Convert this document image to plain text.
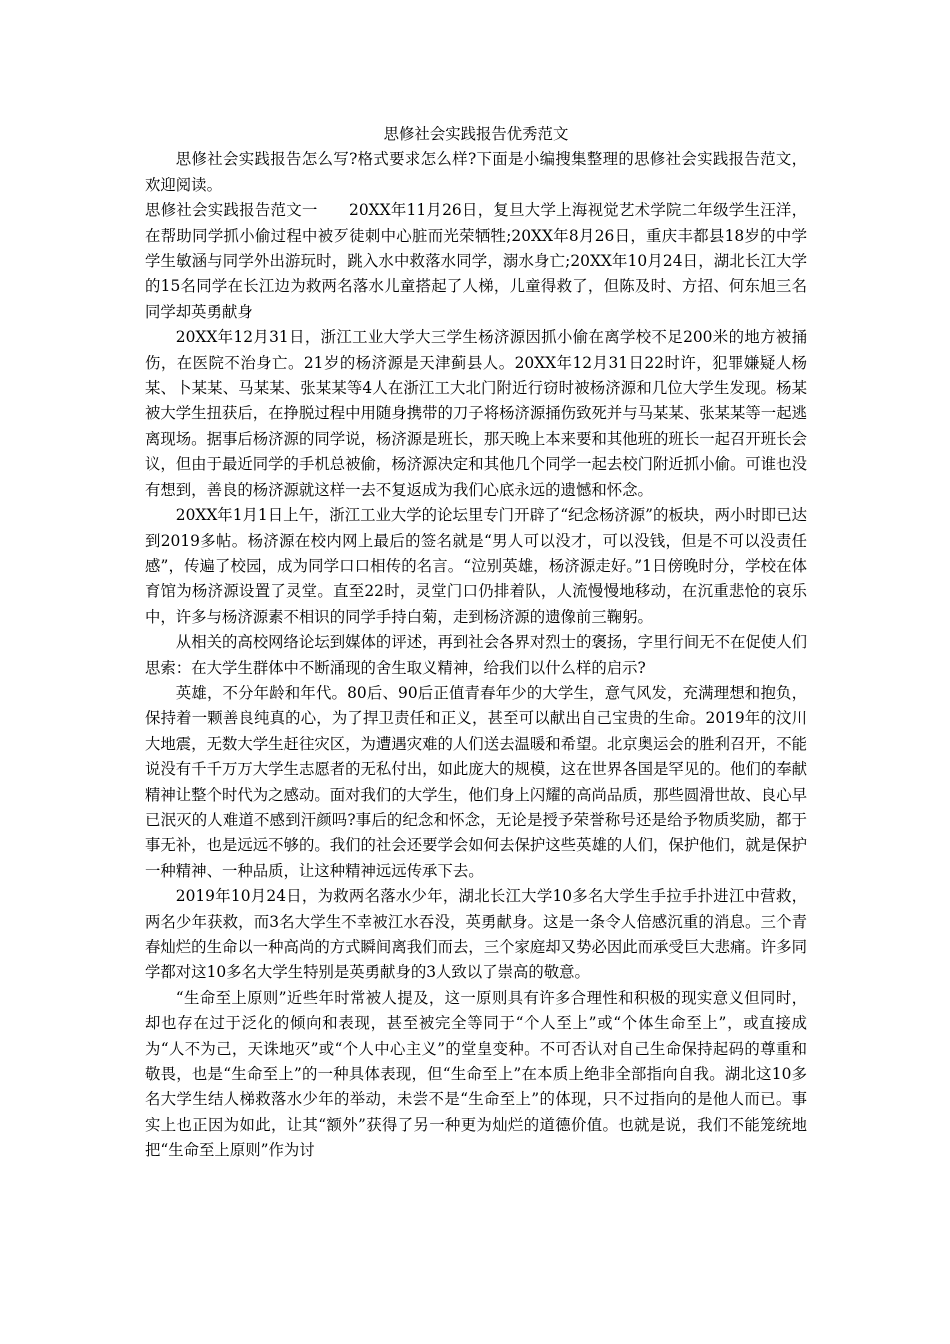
思修社会实践报告优秀范文

思修社会实践报告怎么写?格式要求怎么样?下面是小编搜集整理的思修社会实践报告范文，欢迎阅读。

思修社会实践报告范文一　　20XX年11月26日，复旦大学上海视觉艺术学院二年级学生汪洋，在帮助同学抓小偷过程中被歹徒刺中心脏而光荣牺牲;20XX年8月26日，重庆丰都县18岁的中学学生敏涵与同学外出游玩时，跳入水中救落水同学，溺水身亡;20XX年10月24日，湖北长江大学的15名同学在长江边为救两名落水儿童搭起了人梯，儿童得救了，但陈及时、方招、何东旭三名同学却英勇献身

20XX年12月31日，浙江工业大学大三学生杨济源因抓小偷在离学校不足200米的地方被捅伤，在医院不治身亡。21岁的杨济源是天津蓟县人。20XX年12月31日22时许，犯罪嫌疑人杨某、卜某某、马某某、张某某等4人在浙江工大北门附近行窃时被杨济源和几位大学生发现。杨某被大学生扭获后，在挣脱过程中用随身携带的刀子将杨济源捅伤致死并与马某某、张某某等一起逃离现场。据事后杨济源的同学说，杨济源是班长，那天晚上本来要和其他班的班长一起召开班长会议，但由于最近同学的手机总被偷，杨济源决定和其他几个同学一起去校门附近抓小偷。可谁也没有想到，善良的杨济源就这样一去不复返成为我们心底永远的遗憾和怀念。

20XX年1月1日上午，浙江工业大学的论坛里专门开辟了“纪念杨济源”的板块，两小时即已达到2019多帖。杨济源在校内网上最后的签名就是“男人可以没才，可以没钱，但是不可以没责任感”，传遍了校园，成为同学口口相传的名言。“泣别英雄，杨济源走好。”1日傍晚时分，学校在体育馆为杨济源设置了灵堂。直至22时，灵堂门口仍排着队，人流慢慢地移动，在沉重悲怆的哀乐中，许多与杨济源素不相识的同学手持白菊，走到杨济源的遗像前三鞠躬。

从相关的高校网络论坛到媒体的评述，再到社会各界对烈士的褒扬，字里行间无不在促使人们思索：在大学生群体中不断涌现的舍生取义精神，给我们以什么样的启示?

英雄，不分年龄和年代。80后、90后正值青春年少的大学生，意气风发，充满理想和抱负，保持着一颗善良纯真的心，为了捍卫责任和正义，甚至可以献出自己宝贵的生命。2019年的汶川大地震，无数大学生赶往灾区，为遭遇灾难的人们送去温暖和希望。北京奥运会的胜利召开，不能说没有千千万万大学生志愿者的无私付出，如此庞大的规模，这在世界各国是罕见的。他们的奉献精神让整个时代为之感动。面对我们的大学生，他们身上闪耀的高尚品质，那些圆滑世故、良心早已泯灭的人难道不感到汗颜吗?事后的纪念和怀念，无论是授予荣誉称号还是给予物质奖励，都于事无补，也是远远不够的。我们的社会还要学会如何去保护这些英雄的人们，保护他们，就是保护一种精神、一种品质，让这种精神远远传承下去。

2019年10月24日，为救两名落水少年，湖北长江大学10多名大学生手拉手扑进江中营救，两名少年获救，而3名大学生不幸被江水吞没，英勇献身。这是一条令人倍感沉重的消息。三个青春灿烂的生命以一种高尚的方式瞬间离我们而去，三个家庭却又势必因此而承受巨大悲痛。许多同学都对这10多名大学生特别是英勇献身的3人致以了崇高的敬意。

“生命至上原则”近些年时常被人提及，这一原则具有许多合理性和积极的现实意义但同时，却也存在过于泛化的倾向和表现，甚至被完全等同于“个人至上”或“个体生命至上”，或直接成为“人不为己，天诛地灭”或“个人中心主义”的堂皇变种。不可否认对自己生命保持起码的尊重和敬畏，也是“生命至上”的一种具体表现，但“生命至上”在本质上绝非全部指向自我。湖北这10多名大学生结人梯救落水少年的举动，未尝不是“生命至上”的体现，只不过指向的是他人而已。事实上也正因为如此，让其“额外”获得了另一种更为灿烂的道德价值。也就是说，我们不能笼统地把“生命至上原则”作为讨
